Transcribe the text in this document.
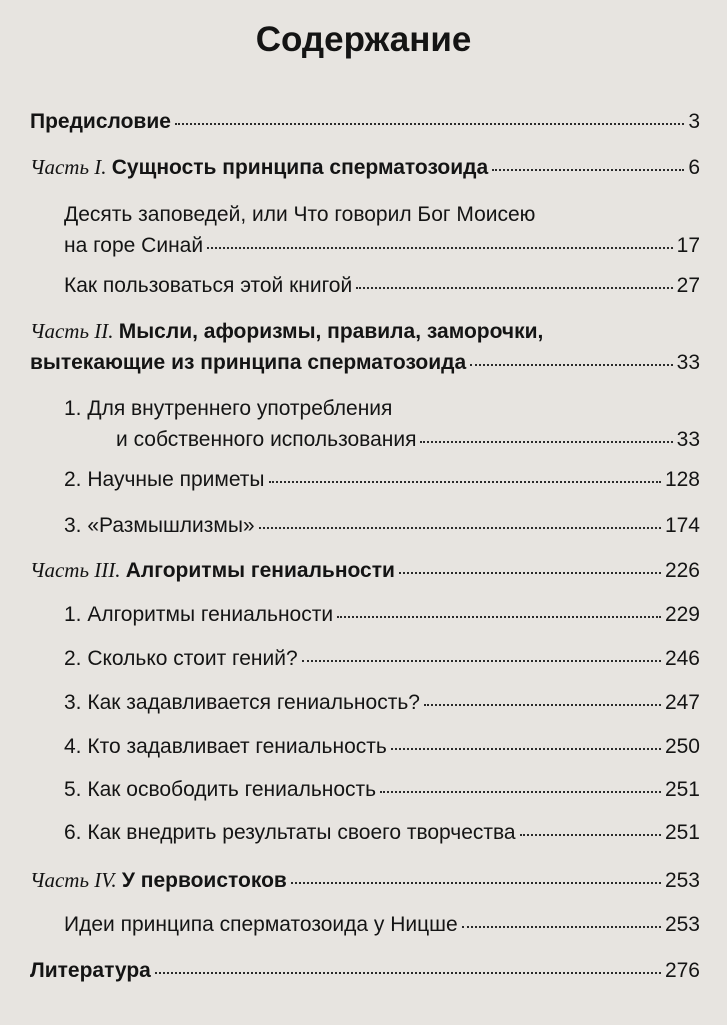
Содержание
Предисловие	3
Часть I. Сущность принципа сперматозоида	6
Десять заповедей, или Что говорил Бог Моисею
на горе Синай	17
Как пользоваться этой книгой	27
Часть II. Мысли, афоризмы, правила, заморочки,
вытекающие из принципа сперматозоида	33
1. Для внутреннего употребления
и собственного использования	33
2. Научные приметы	128
3. «Размышлизмы»	174
Часть III. Алгоритмы гениальности	226
1. Алгоритмы гениальности	229
2. Сколько стоит гений?	246
3. Как задавливается гениальность?	247
4. Кто задавливает гениальность	250
5. Как освободить гениальность	251
6. Как внедрить результаты своего творчества	251
Часть IV. У первоистоков	253
Идеи принципа сперматозоида у Ницше	253
Литература	276
